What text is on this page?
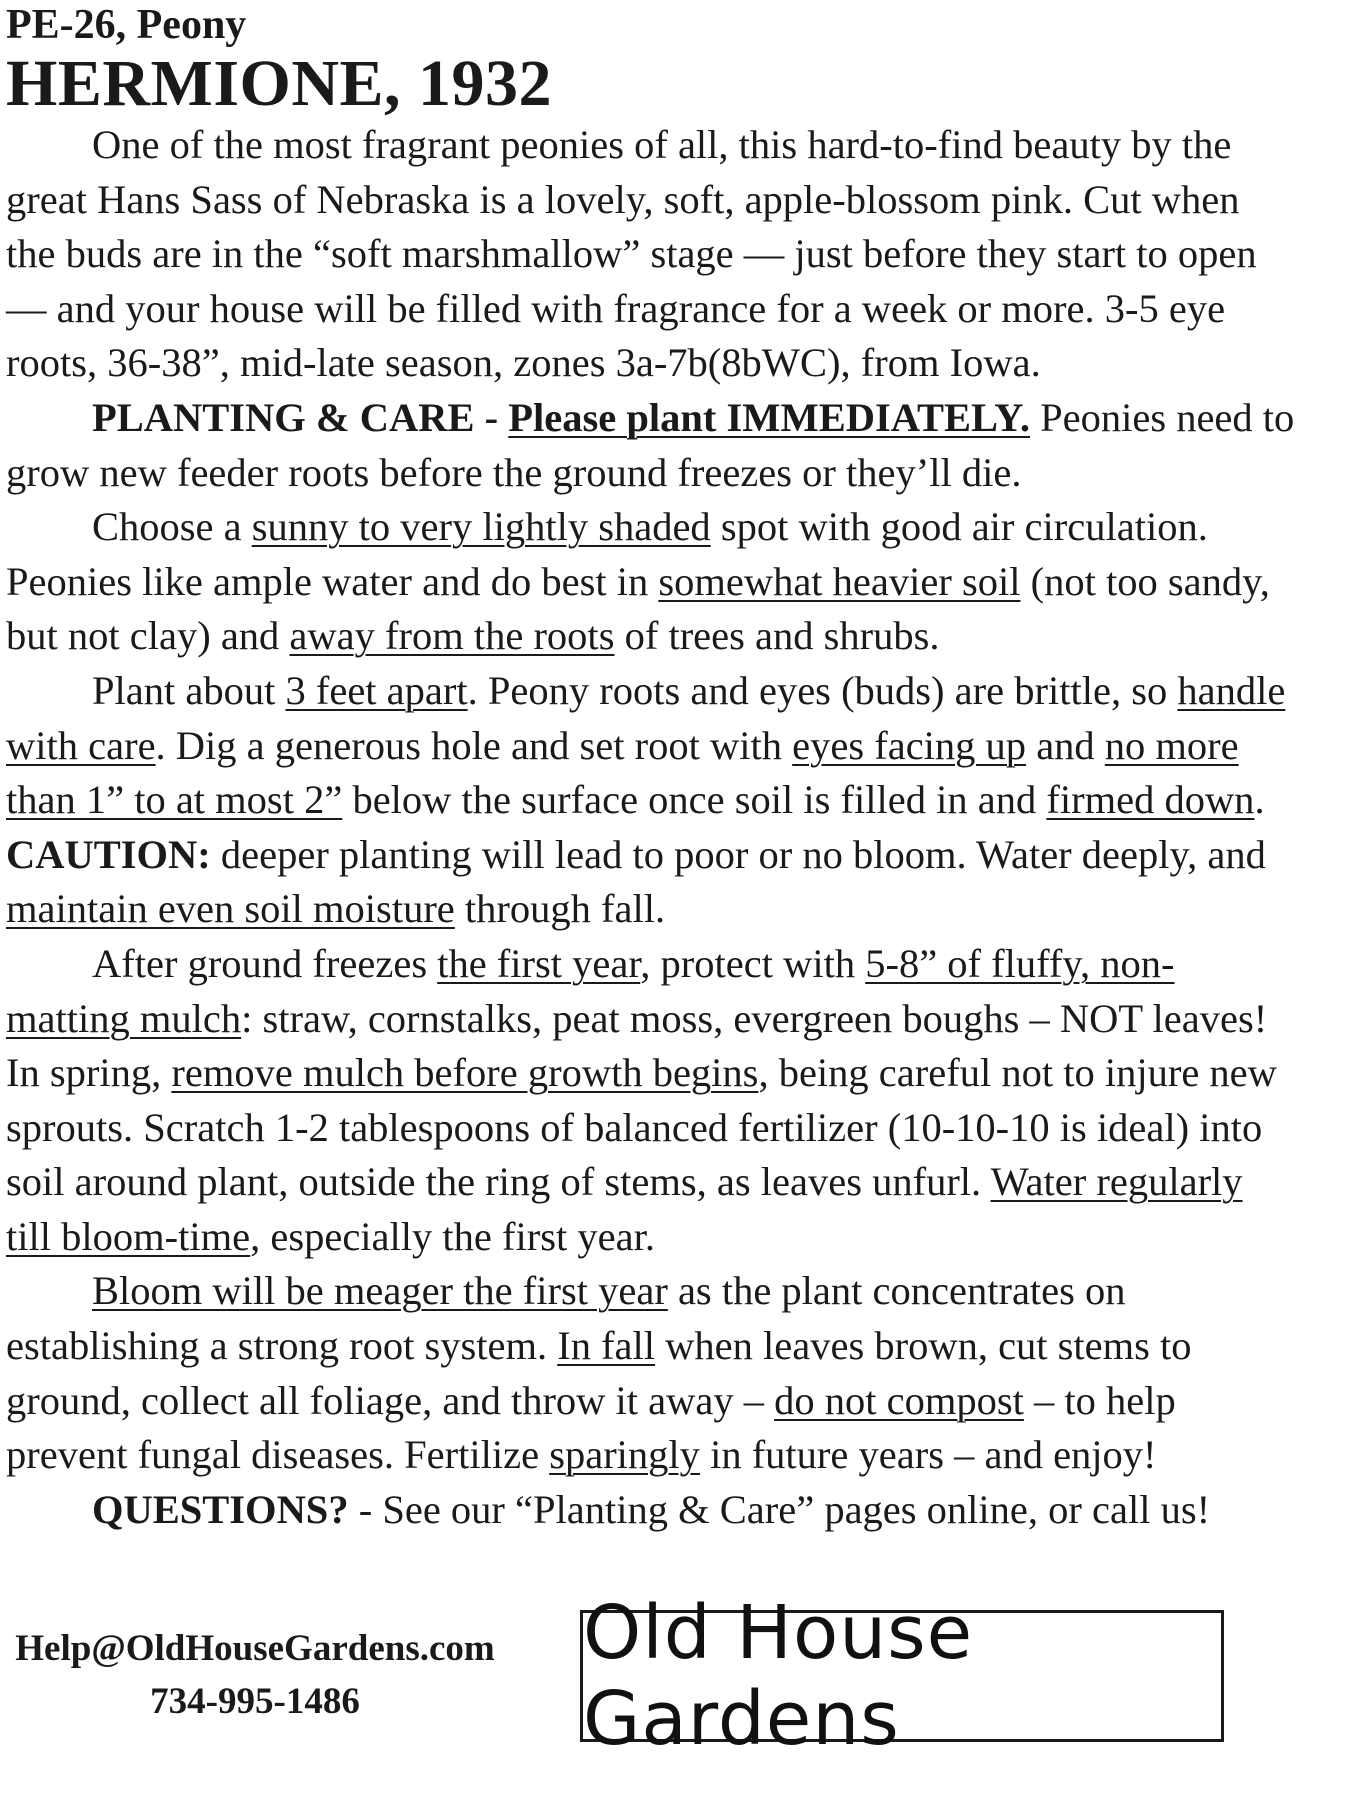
PE-26, Peony

HERMIONE, 1932

One of the most fragrant peonies of all, this hard-to-find beauty by the great Hans Sass of Nebraska is a lovely, soft, apple-blossom pink. Cut when the buds are in the “soft marshmallow” stage — just before they start to open — and your house will be filled with fragrance for a week or more. 3-5 eye roots, 36-38”, mid-late season, zones 3a-7b(8bWC), from Iowa.

PLANTING & CARE - Please plant IMMEDIATELY. Peonies need to grow new feeder roots before the ground freezes or they’ll die.

Choose a sunny to very lightly shaded spot with good air circulation. Peonies like ample water and do best in somewhat heavier soil (not too sandy, but not clay) and away from the roots of trees and shrubs.

Plant about 3 feet apart. Peony roots and eyes (buds) are brittle, so handle with care. Dig a generous hole and set root with eyes facing up and no more than 1” to at most 2” below the surface once soil is filled in and firmed down. CAUTION: deeper planting will lead to poor or no bloom. Water deeply, and maintain even soil moisture through fall.

After ground freezes the first year, protect with 5-8” of fluffy, non-matting mulch: straw, cornstalks, peat moss, evergreen boughs – NOT leaves! In spring, remove mulch before growth begins, being careful not to injure new sprouts. Scratch 1-2 tablespoons of balanced fertilizer (10-10-10 is ideal) into soil around plant, outside the ring of stems, as leaves unfurl. Water regularly till bloom-time, especially the first year.

Bloom will be meager the first year as the plant concentrates on establishing a strong root system. In fall when leaves brown, cut stems to ground, collect all foliage, and throw it away – do not compost – to help prevent fungal diseases. Fertilize sparingly in future years – and enjoy!

QUESTIONS? - See our “Planting & Care” pages online, or call us!

Help@OldHouseGardens.com
734-995-1486
Old House Gardens
